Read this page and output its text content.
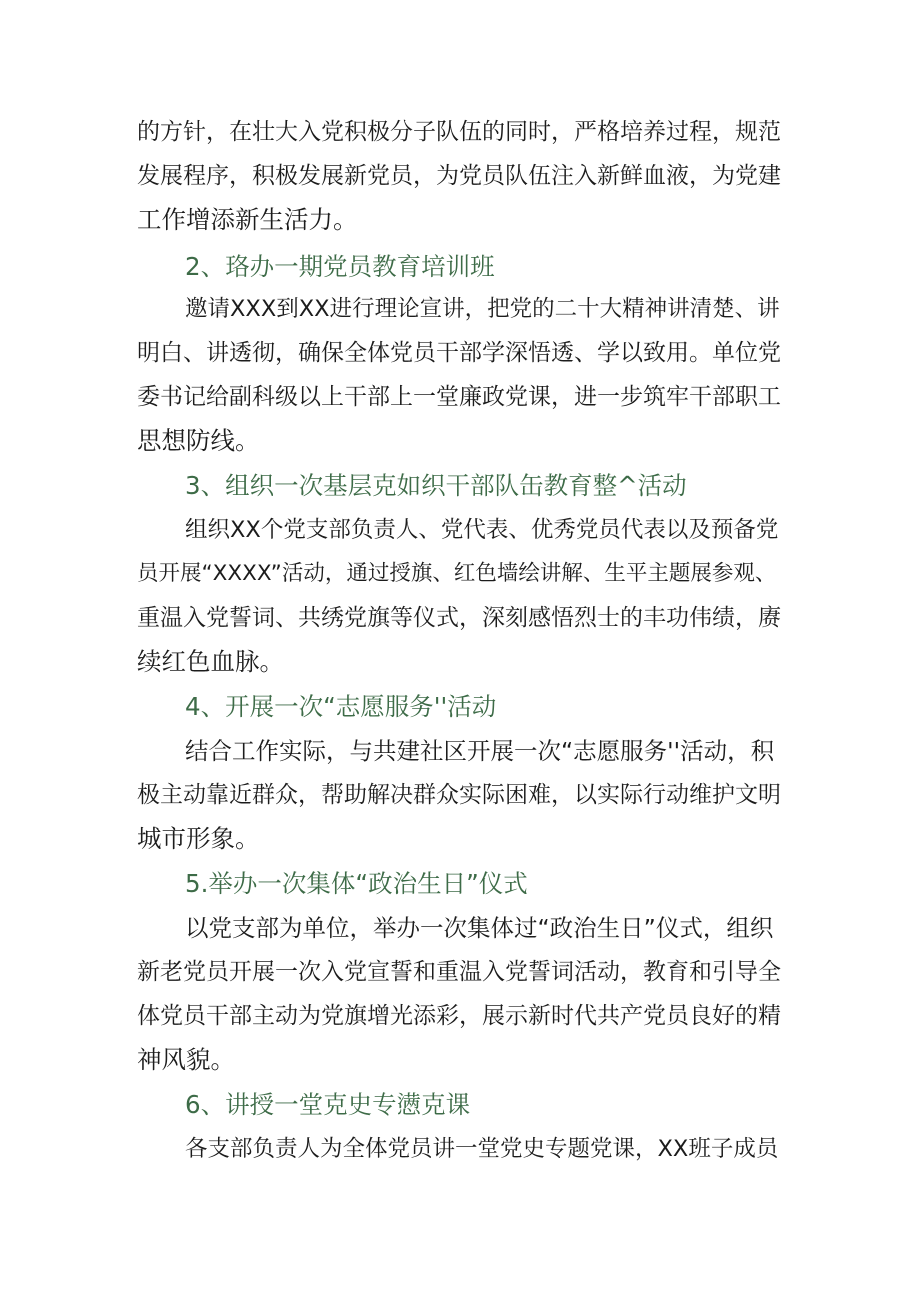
的方针，在壮大入党积极分子队伍的同时，严格培养过程，规范
发展程序，积极发展新党员，为党员队伍注入新鲜血液，为党建
工作增添新生活力。
2、珞办一期党员教育培训班
邀请XXX到XX进行理论宣讲，把党的二十大精神讲清楚、讲
明白、讲透彻，确保全体党员干部学深悟透、学以致用。单位党
委书记给副科级以上干部上一堂廉政党课，进一步筑牢干部职工
思想防线。
3、组织一次基层克如织干部队缶教育整^活动
组织XX个党支部负责人、党代表、优秀党员代表以及预备党
员开展“XXXX”活动，通过授旗、红色墙绘讲解、生平主题展参观、
重温入党誓词、共绣党旗等仪式，深刻感悟烈士的丰功伟绩，赓
续红色血脉。
4、开展一次“志愿服务''活动
结合工作实际，与共建社区开展一次“志愿服务''活动，积
极主动靠近群众，帮助解决群众实际困难，以实际行动维护文明
城市形象。
5.举办一次集体“政治生日”仪式
以党支部为单位，举办一次集体过“政治生日”仪式，组织
新老党员开展一次入党宣誓和重温入党誓词活动，教育和引导全
体党员干部主动为党旗增光添彩，展示新时代共产党员良好的精
神风貌。
6、讲授一堂克史专懑克课
各支部负责人为全体党员讲一堂党史专题党课，XX班子成员
